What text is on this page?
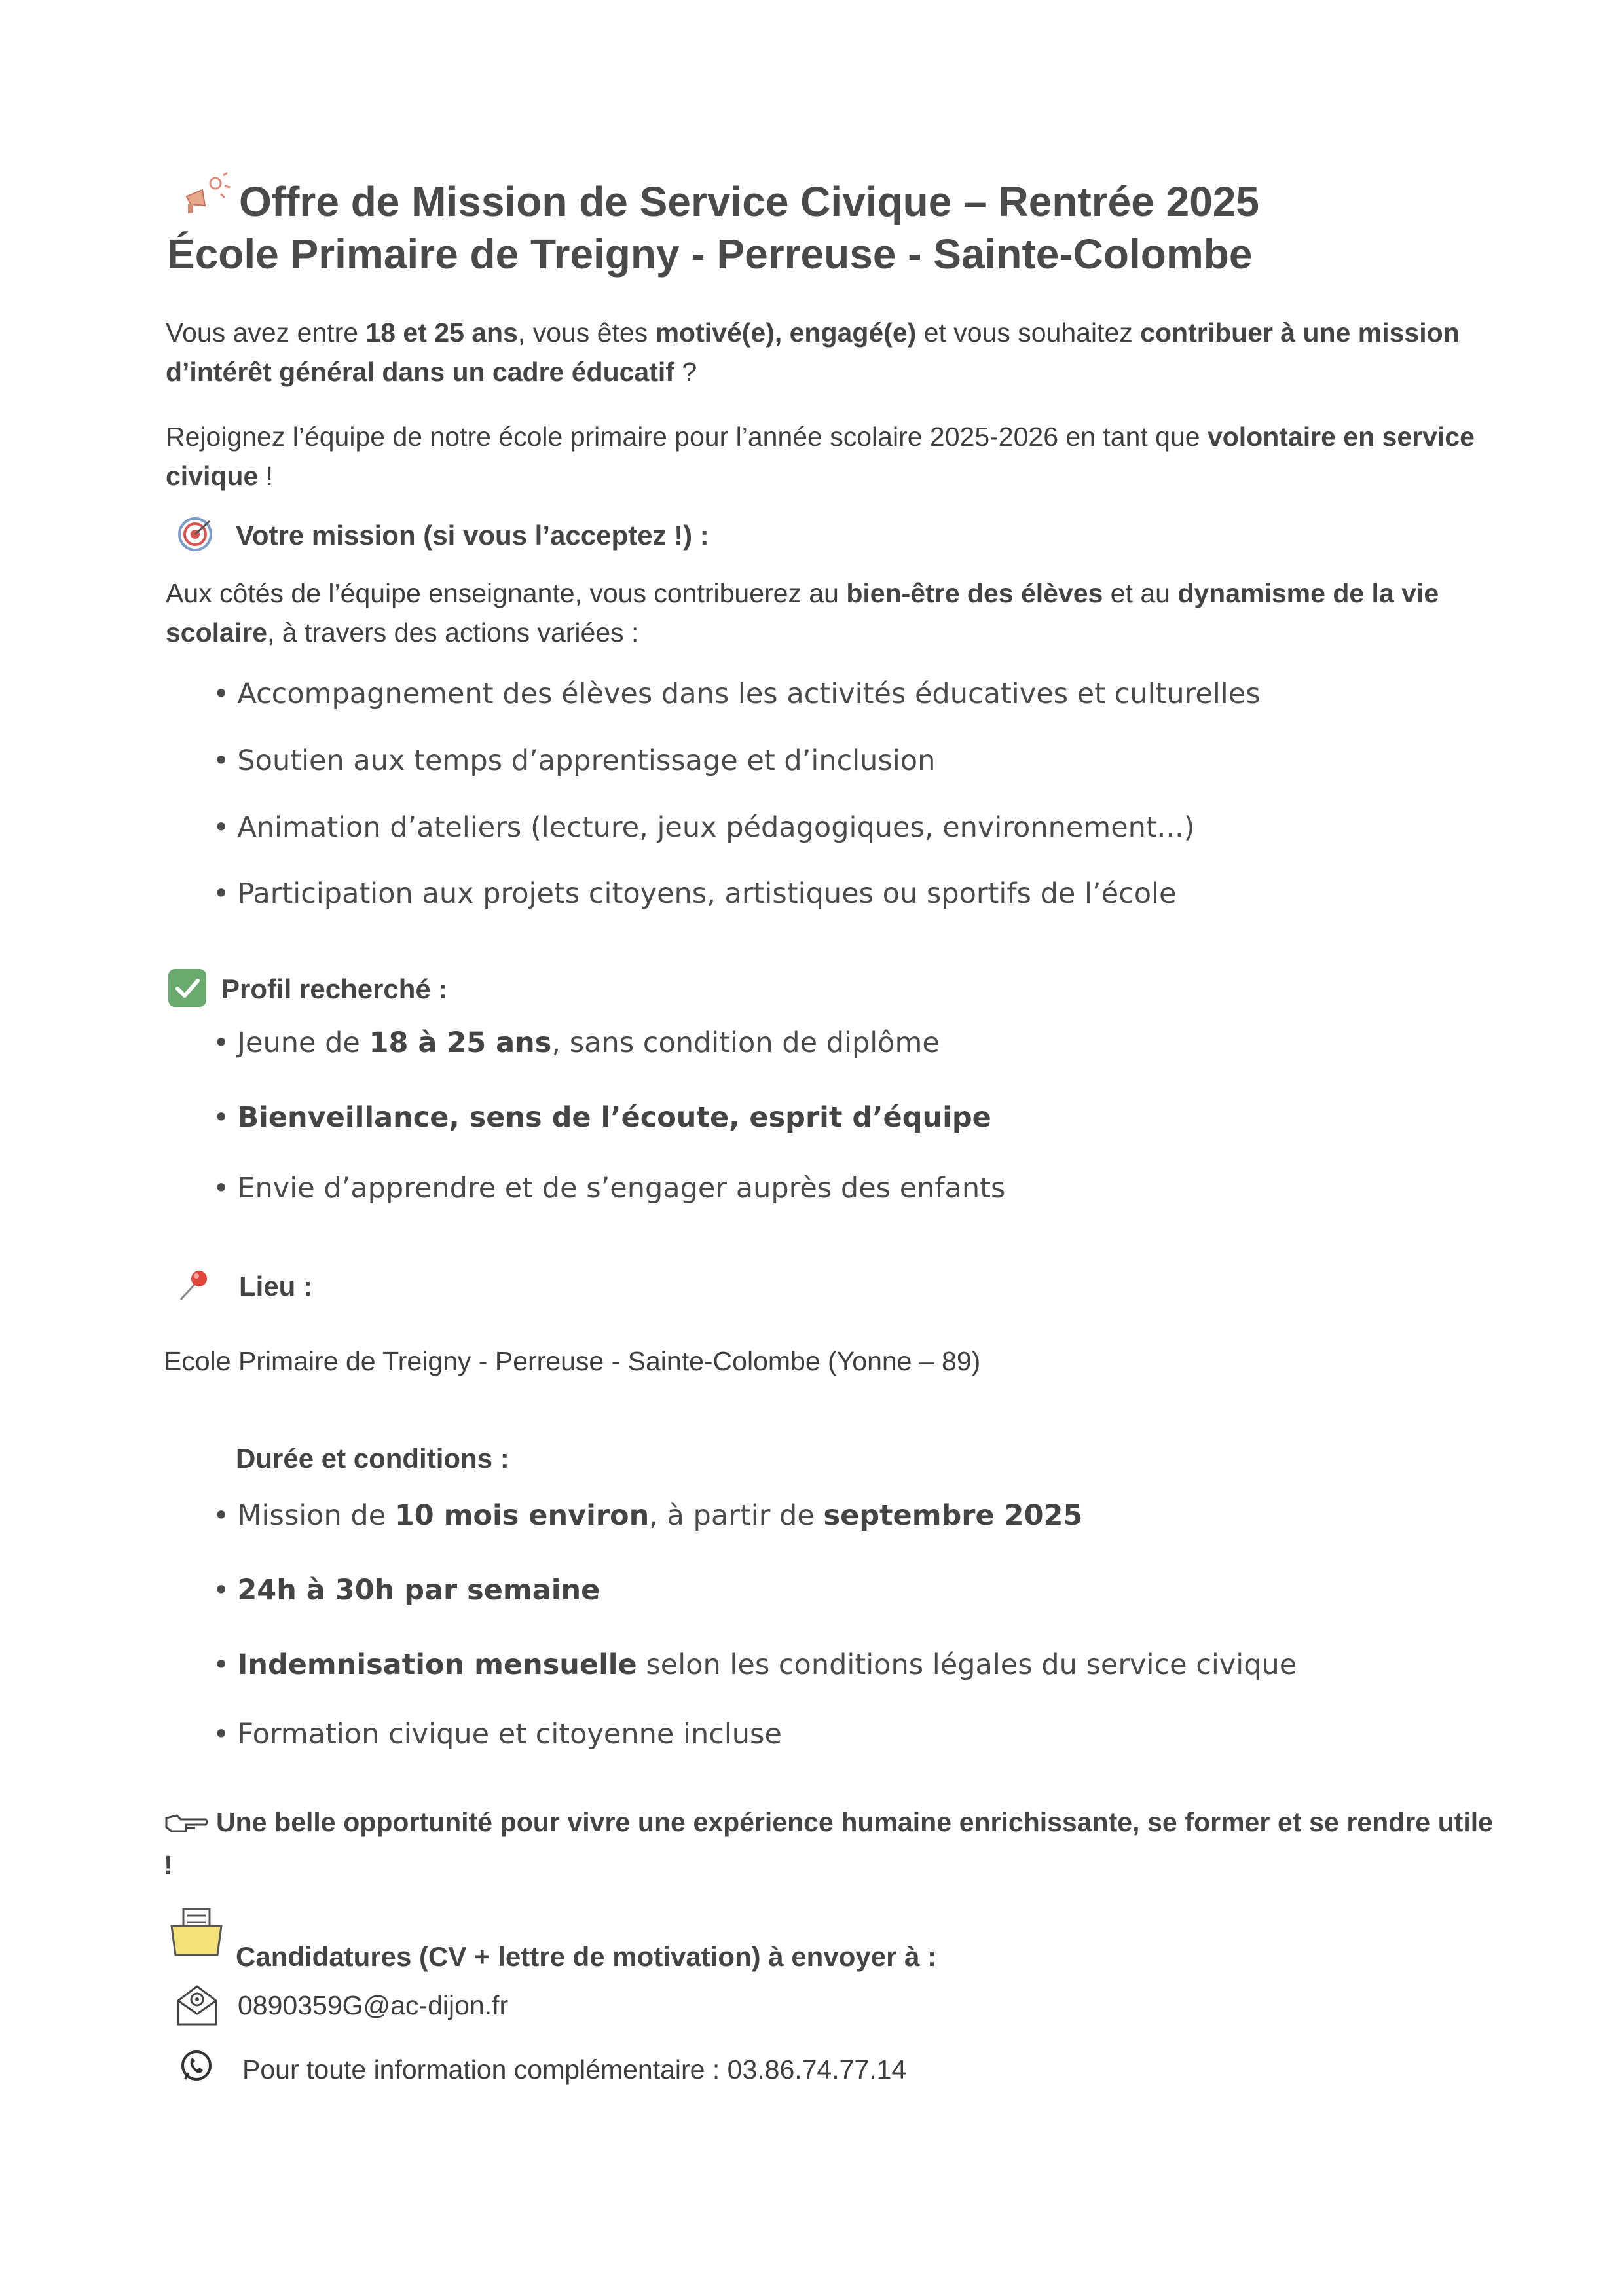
Offre de Mission de Service Civique – Rentrée 2025
École Primaire de Treigny - Perreuse - Sainte-Colombe
Vous avez entre 18 et 25 ans, vous êtes motivé(e), engagé(e) et vous souhaitez contribuer à une mission d’intérêt général dans un cadre éducatif ?
Rejoignez l’équipe de notre école primaire pour l’année scolaire 2025-2026 en tant que volontaire en service civique !
Votre mission (si vous l’acceptez !) :
Aux côtés de l’équipe enseignante, vous contribuerez au bien-être des élèves et au dynamisme de la vie scolaire, à travers des actions variées :
• Accompagnement des élèves dans les activités éducatives et culturelles
• Soutien aux temps d’apprentissage et d’inclusion
• Animation d’ateliers (lecture, jeux pédagogiques, environnement...)
• Participation aux projets citoyens, artistiques ou sportifs de l’école
Profil recherché :
• Jeune de 18 à 25 ans, sans condition de diplôme
• Bienveillance, sens de l’écoute, esprit d’équipe
• Envie d’apprendre et de s’engager auprès des enfants
Lieu :
Ecole Primaire de Treigny - Perreuse - Sainte-Colombe (Yonne – 89)
Durée et conditions :
• Mission de 10 mois environ, à partir de septembre 2025
• 24h à 30h par semaine
• Indemnisation mensuelle selon les conditions légales du service civique
• Formation civique et citoyenne incluse
Une belle opportunité pour vivre une expérience humaine enrichissante, se former et se rendre utile !
Candidatures (CV + lettre de motivation) à envoyer à :
0890359G@ac-dijon.fr
Pour toute information complémentaire : 03.86.74.77.14
